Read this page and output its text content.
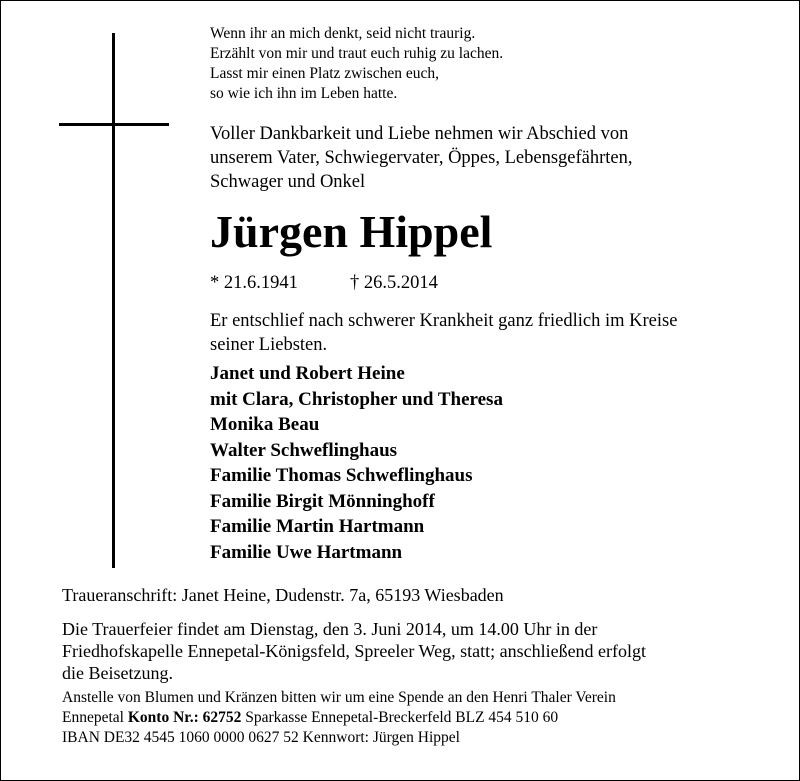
Wenn ihr an mich denkt, seid nicht traurig.
Erzählt von mir und traut euch ruhig zu lachen.
Lasst mir einen Platz zwischen euch,
so wie ich ihn im Leben hatte.
Voller Dankbarkeit und Liebe nehmen wir Abschied von
unserem Vater, Schwiegervater, Öppes, Lebensgefährten,
Schwager und Onkel
Jürgen Hippel
* 21.6.1941	† 26.5.2014
Er entschlief nach schwerer Krankheit ganz friedlich im Kreise
seiner Liebsten.
Janet und Robert Heine
mit Clara, Christopher und Theresa
Monika Beau
Walter Schweflinghaus
Familie Thomas Schweflinghaus
Familie Birgit Mönninghoff
Familie Martin Hartmann
Familie Uwe Hartmann
Traueranschrift: Janet Heine, Dudenstr. 7a, 65193 Wiesbaden
Die Trauerfeier findet am Dienstag, den 3. Juni 2014, um 14.00 Uhr in der
Friedhofskapelle Ennepetal-Königsfeld, Spreeler Weg, statt; anschließend erfolgt
die Beisetzung.
Anstelle von Blumen und Kränzen bitten wir um eine Spende an den Henri Thaler Verein
Ennepetal Konto Nr.: 62752 Sparkasse Ennepetal-Breckerfeld BLZ 454 510 60
IBAN DE32 4545 1060 0000 0627 52 Kennwort: Jürgen Hippel
